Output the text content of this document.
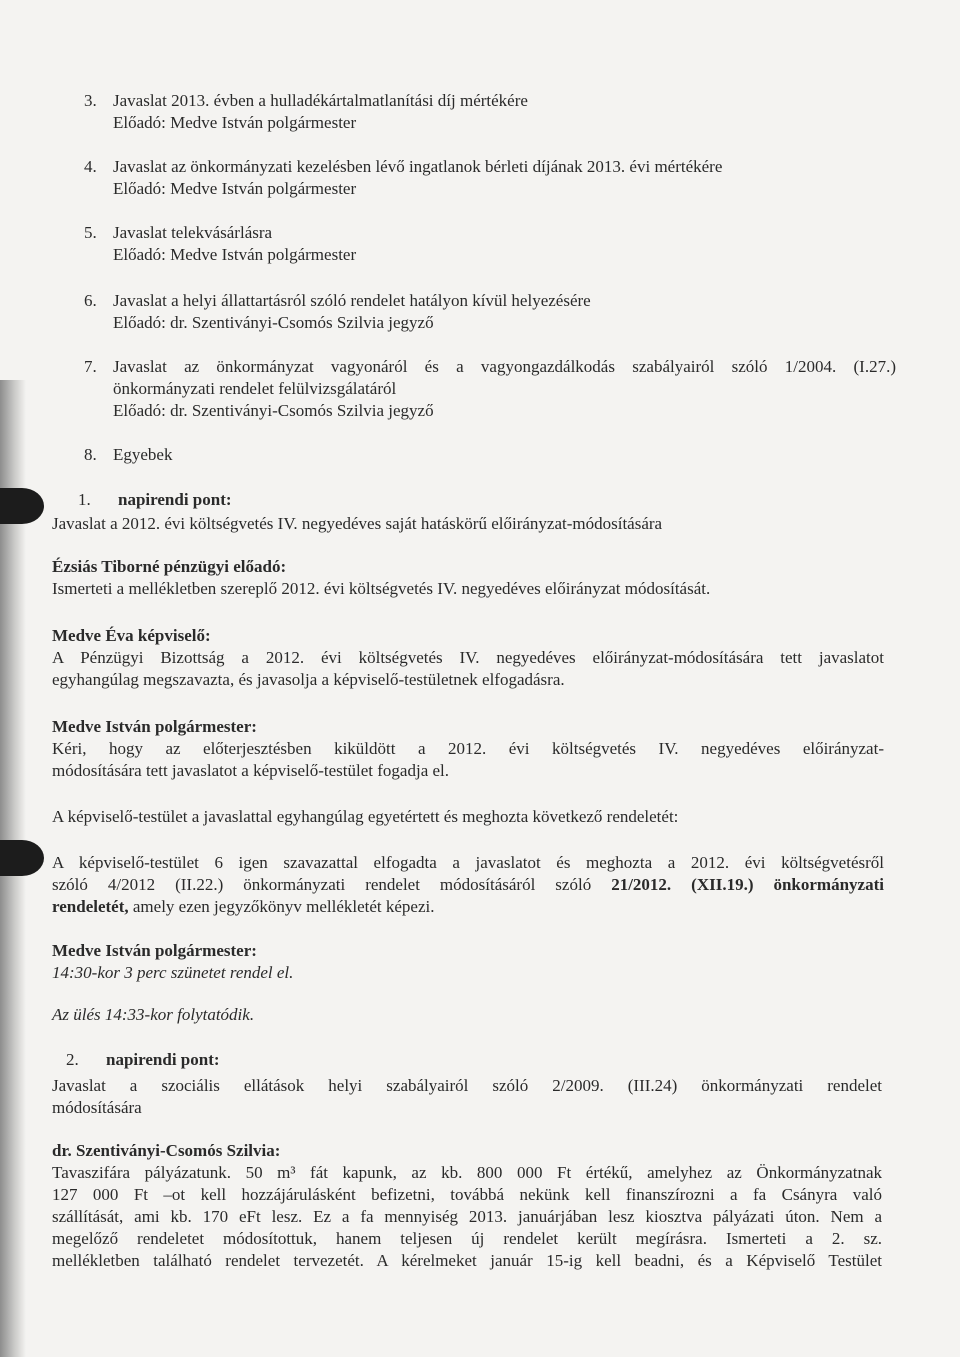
3. Javaslat 2013. évben a hulladékártalmatlanítási díj mértékére
Előadó: Medve István polgármester
4. Javaslat az önkormányzati kezelésben lévő ingatlanok bérleti díjának 2013. évi mértékére
Előadó: Medve István polgármester
5. Javaslat telekvásárlásra
Előadó: Medve István polgármester
6. Javaslat a helyi állattartásról szóló rendelet hatályon kívül helyezésére
Előadó: dr. Szentiványi-Csomós Szilvia jegyző
7. Javaslat az önkormányzat vagyonáról és a vagyongazdálkodás szabályairól szóló 1/2004. (I.27.)
önkormányzati rendelet felülvizsgálatáról
Előadó: dr. Szentiványi-Csomós Szilvia jegyző
8. Egyebek
1. napirendi pont:
Javaslat a 2012. évi költségvetés IV. negyedéves saját hatáskörű előirányzat-módosítására
Ézsiás Tiborné pénzügyi előadó:
Ismerteti a mellékletben szereplő 2012. évi költségvetés IV. negyedéves előirányzat módosítását.
Medve Éva képviselő:
A Pénzügyi Bizottság a 2012. évi költségvetés IV. negyedéves előirányzat-módosítására tett javaslatot
egyhangúlag megszavazta, és javasolja a képviselő-testületnek elfogadásra.
Medve István polgármester:
Kéri, hogy az előterjesztésben kiküldött a 2012. évi költségvetés IV. negyedéves előirányzat-
módosítására tett javaslatot a képviselő-testület fogadja el.
A képviselő-testület a javaslattal egyhangúlag egyetértett és meghozta következő rendeletét:
A képviselő-testület 6 igen szavazattal elfogadta a javaslatot és meghozta a 2012. évi költségvetésről
szóló 4/2012 (II.22.) önkormányzati rendelet módosításáról szóló 21/2012. (XII.19.) önkormányzati
rendeletét, amely ezen jegyzőkönyv mellékletét képezi.
Medve István polgármester:
14:30-kor 3 perc szünetet rendel el.
Az ülés 14:33-kor folytatódik.
2. napirendi pont:
Javaslat a szociális ellátások helyi szabályairól szóló 2/2009. (III.24) önkormányzati rendelet
módosítására
dr. Szentiványi-Csomós Szilvia:
Tavaszifára pályázatunk. 50 m³ fát kapunk, az kb. 800 000 Ft értékű, amelyhez az Önkormányzatnak
127 000 Ft –ot kell hozzájárulásként befizetni, továbbá nekünk kell finanszírozni a fa Csányra való
szállítását, ami kb. 170 eFt lesz. Ez a fa mennyiség 2013. januárjában lesz kiosztva pályázati úton. Nem a
megelőző rendeletet módosítottuk, hanem teljesen új rendelet került megírásra. Ismerteti a 2. sz.
mellékletben található rendelet tervezetét. A kérelmeket január 15-ig kell beadni, és a Képviselő Testület
